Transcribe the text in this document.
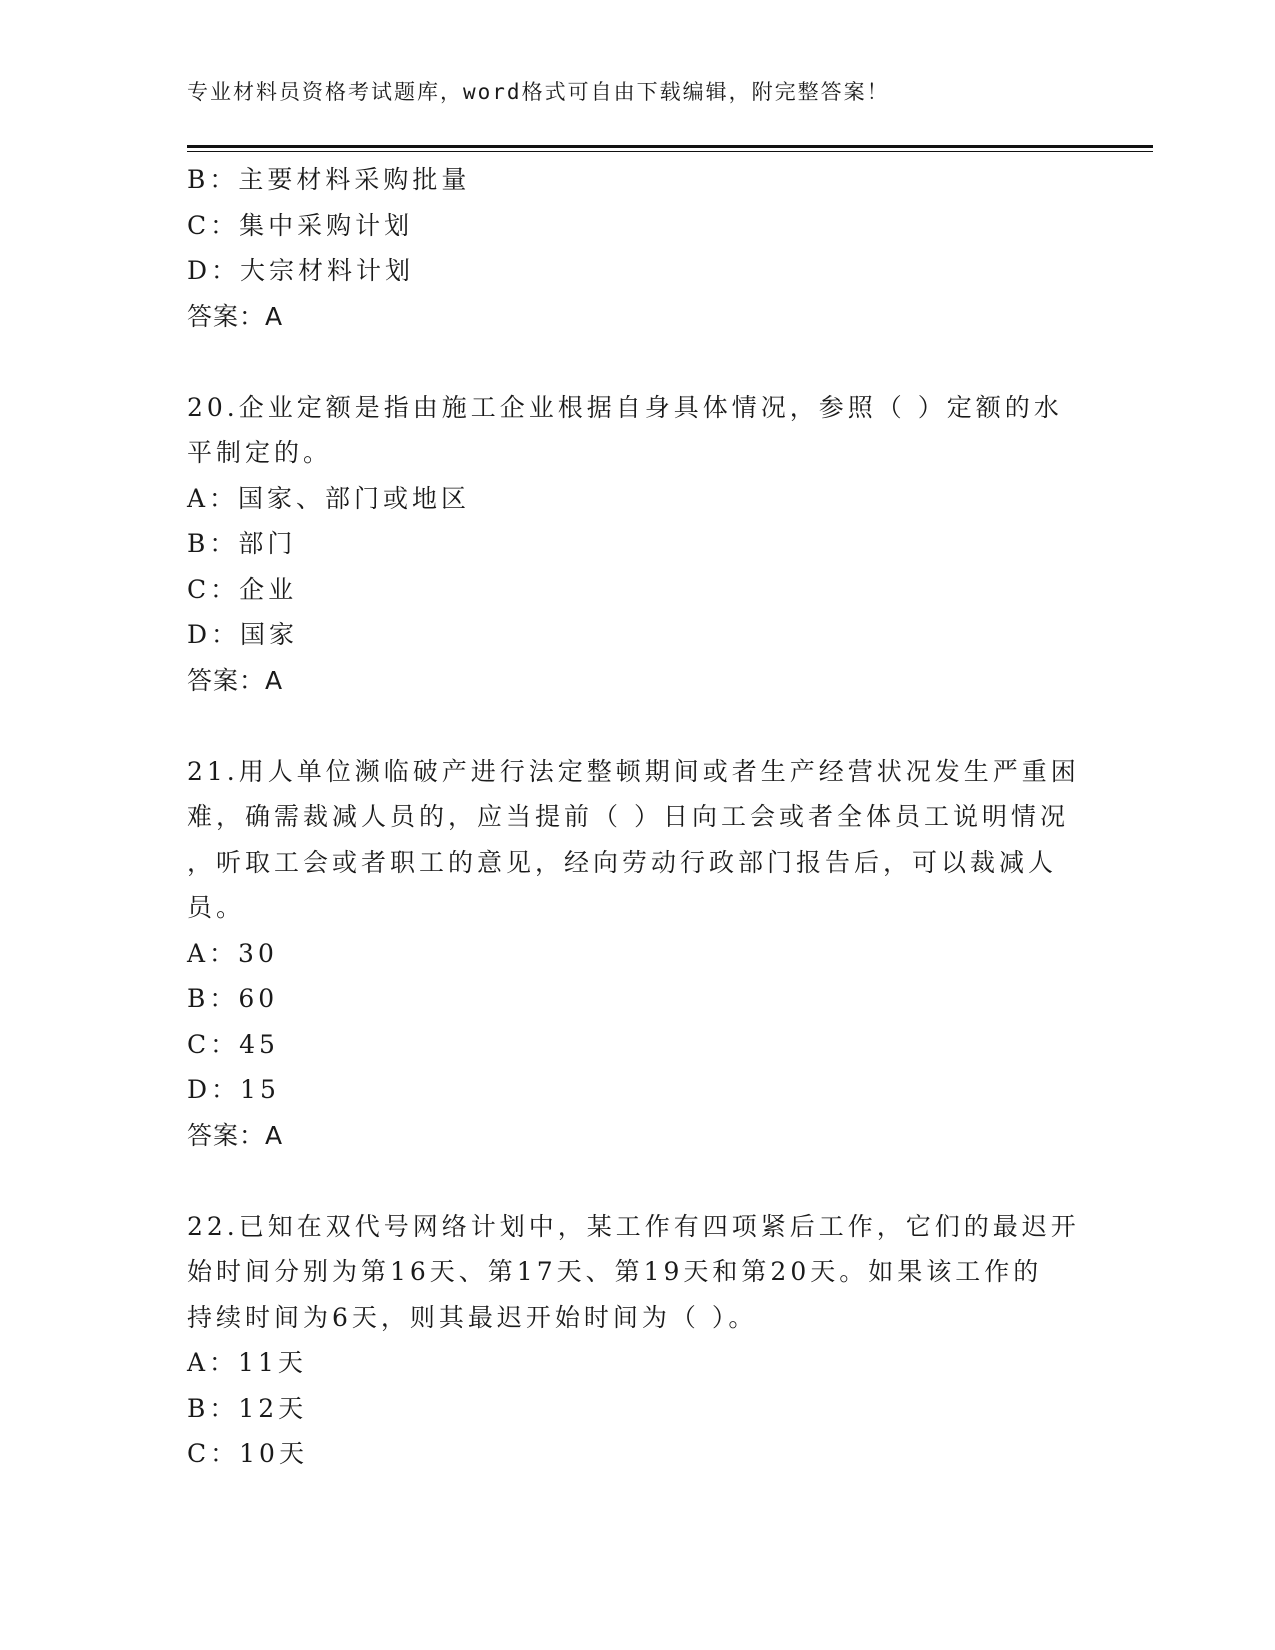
专业材料员资格考试题库，word格式可自由下载编辑，附完整答案！
B：主要材料采购批量
C：集中采购计划
D：大宗材料计划
答案：A
20.企业定额是指由施工企业根据自身具体情况，参照（ ）定额的水
平制定的。
A：国家、部门或地区
B：部门
C：企业
D：国家
答案：A
21.用人单位濒临破产进行法定整顿期间或者生产经营状况发生严重困
难，确需裁减人员的，应当提前（ ）日向工会或者全体员工说明情况
，听取工会或者职工的意见，经向劳动行政部门报告后，可以裁减人
员。
A：30
B：60
C：45
D：15
答案：A
22.已知在双代号网络计划中，某工作有四项紧后工作，它们的最迟开
始时间分别为第16天、第17天、第19天和第20天。如果该工作的
持续时间为6天，则其最迟开始时间为（ ）。
A：11天
B：12天
C：10天
